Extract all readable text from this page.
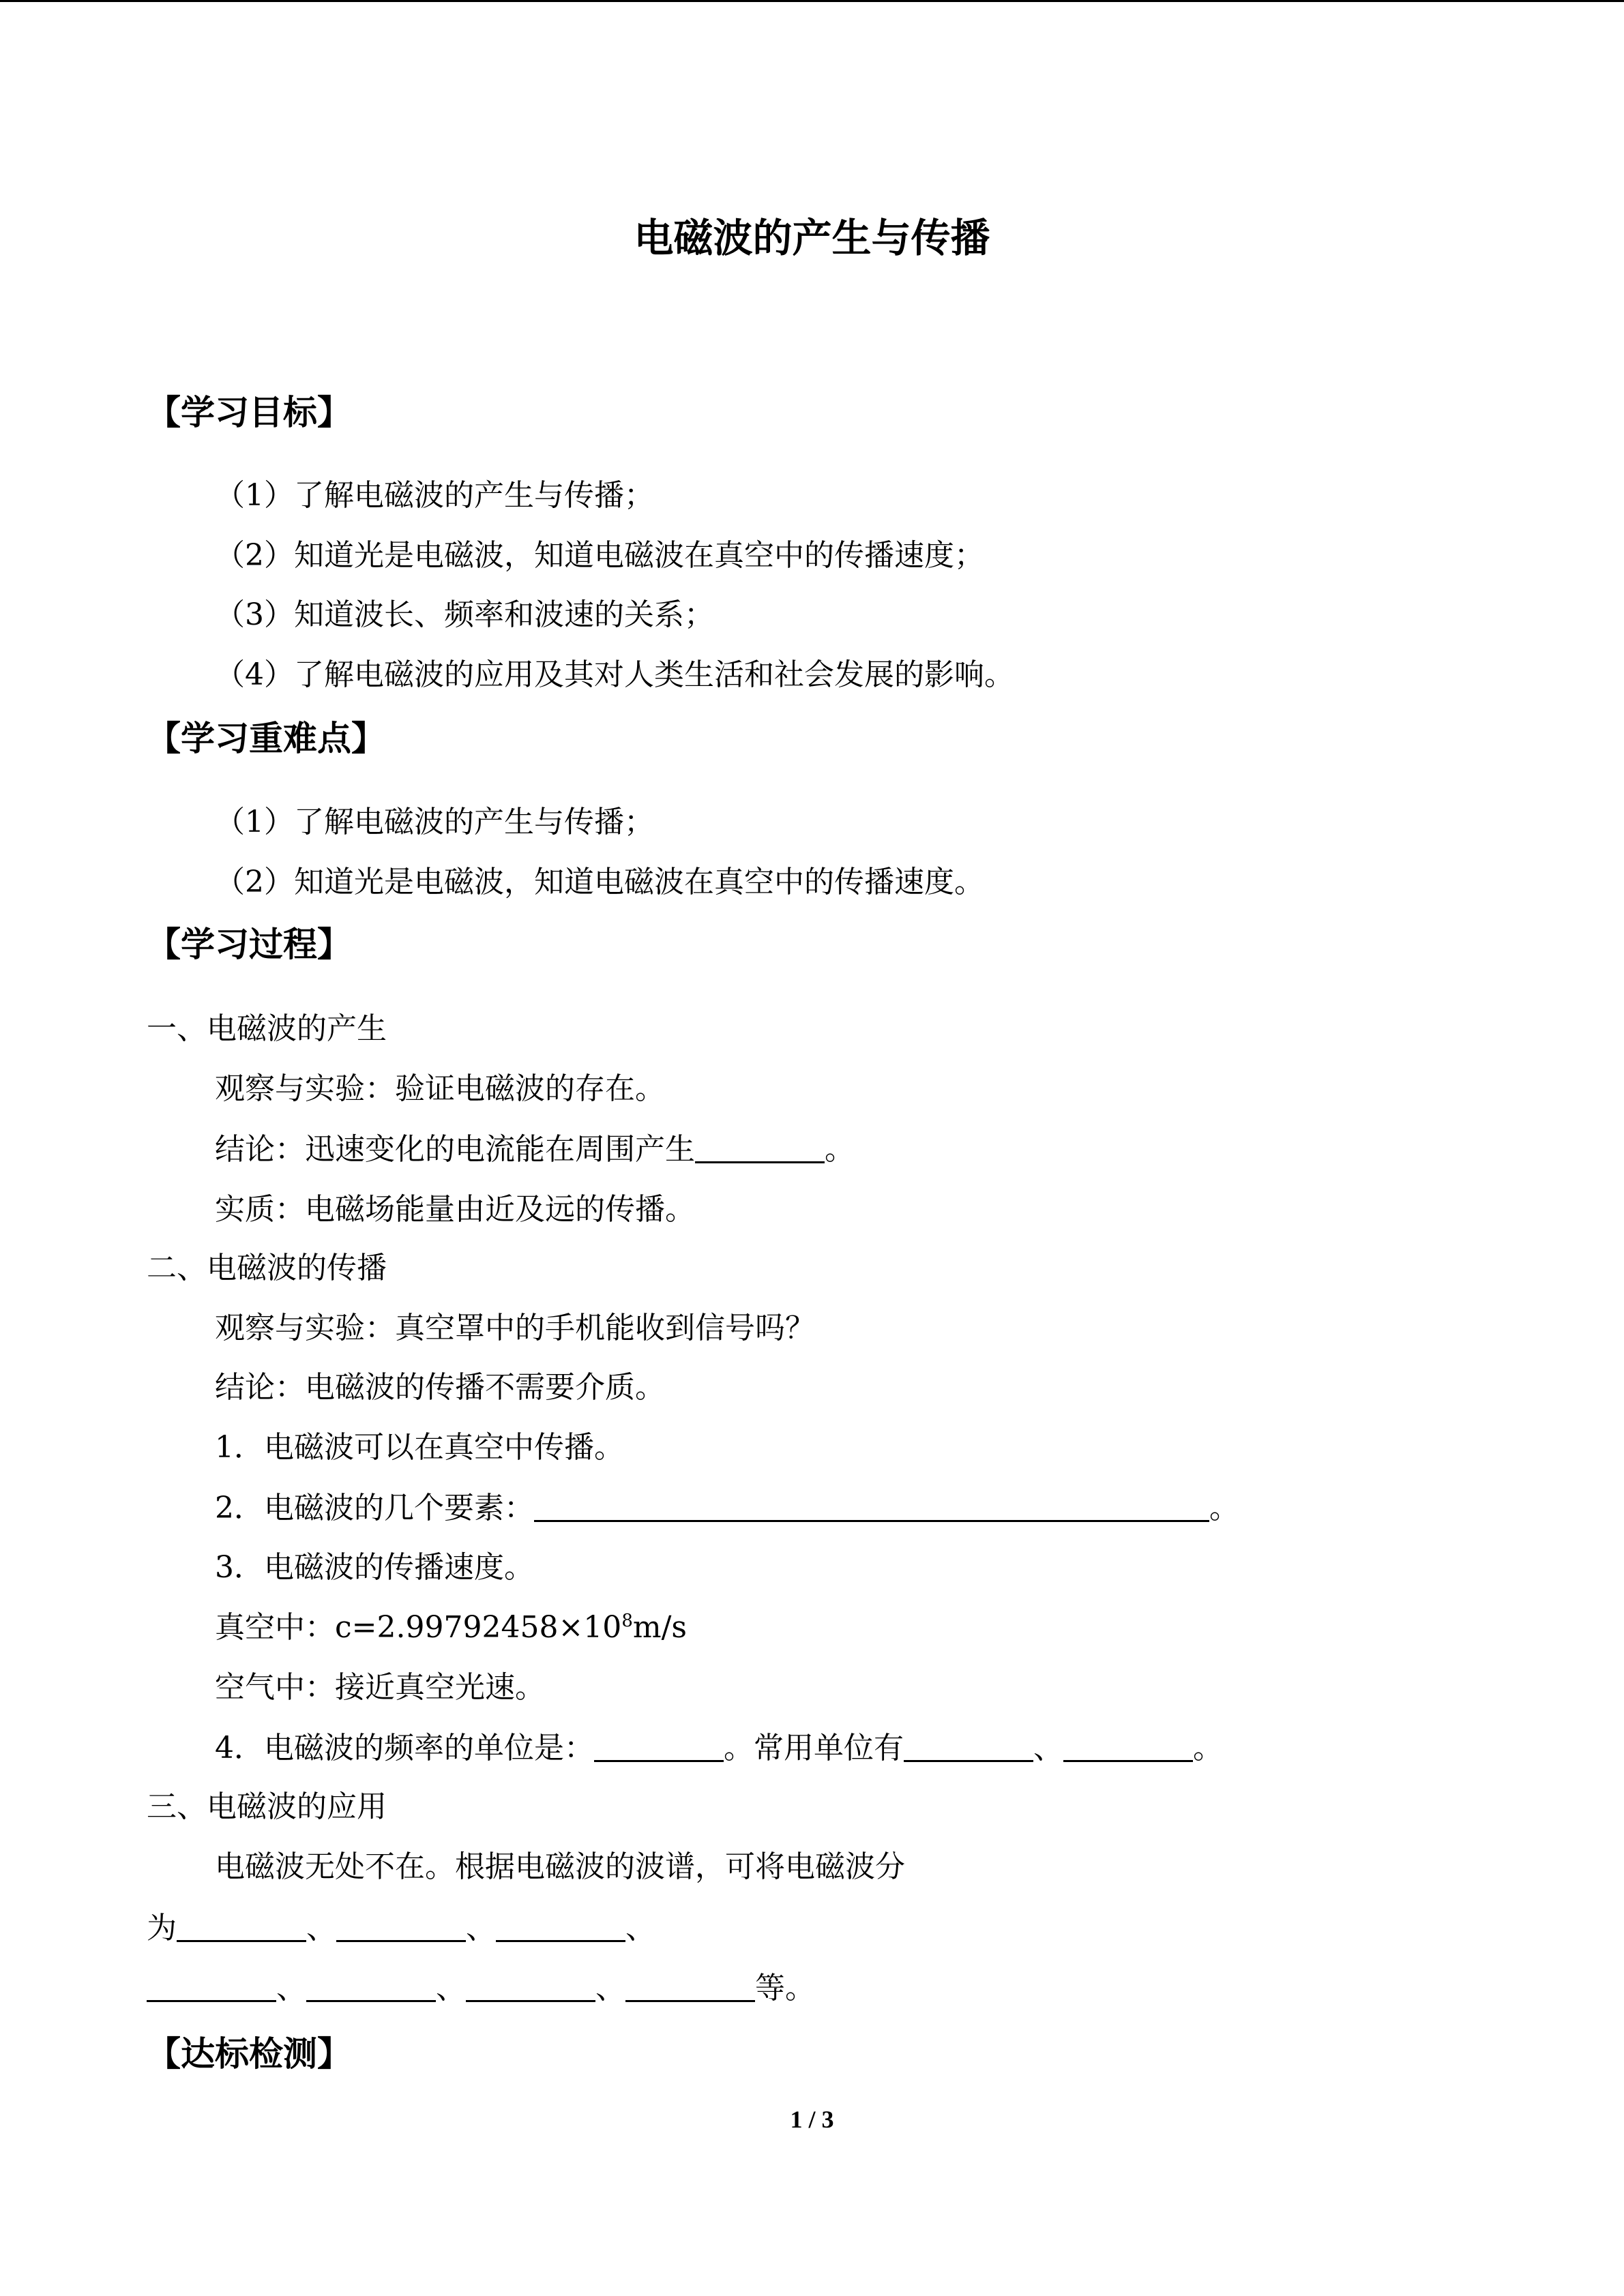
电磁波的产生与传播
【学习目标】
（1）了解电磁波的产生与传播；
（2）知道光是电磁波，知道电磁波在真空中的传播速度；
（3）知道波长、频率和波速的关系；
（4）了解电磁波的应用及其对人类生活和社会发展的影响。
【学习重难点】
（1）了解电磁波的产生与传播；
（2）知道光是电磁波，知道电磁波在真空中的传播速度。
【学习过程】
一、电磁波的产生
观察与实验：验证电磁波的存在。
结论：迅速变化的电流能在周围产生	。
实质：电磁场能量由近及远的传播。
二、电磁波的传播
观察与实验：真空罩中的手机能收到信号吗？
结论：电磁波的传播不需要介质。
1．电磁波可以在真空中传播。
2．电磁波的几个要素：	。
3．电磁波的传播速度。
真空中：$c=2.99792458\times 10^8m/s$
空气中：接近真空光速。
4．电磁波的频率的单位是：	。常用单位有	、	。
三、电磁波的应用
电磁波无处不在。根据电磁波的波谱，可将电磁波分
为	、	、	、
、	、	、	等。
【达标检测】
1 / 3
